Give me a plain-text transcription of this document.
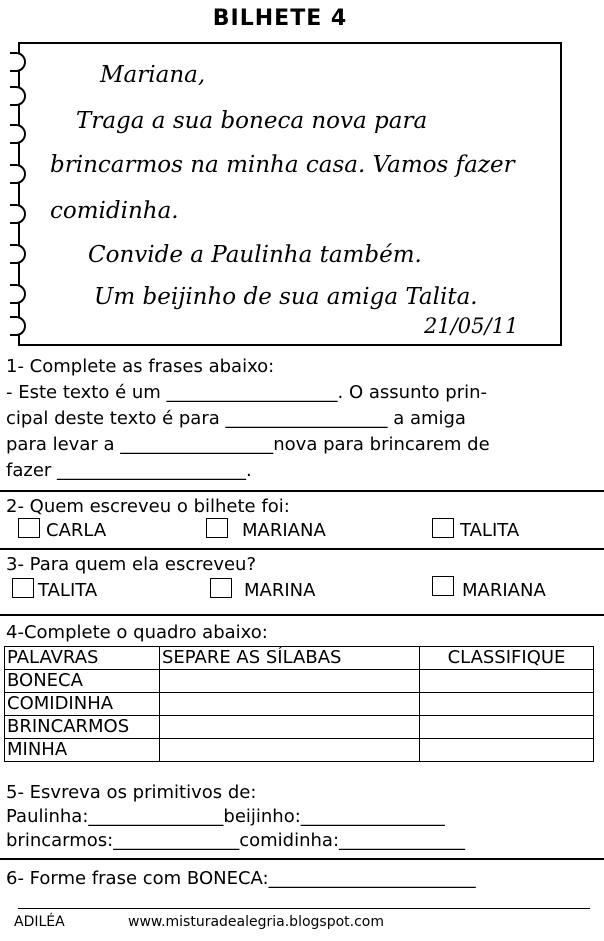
BILHETE 4
Mariana,
Traga a sua boneca nova para
brincarmos na minha casa. Vamos fazer
comidinha.
Convide a Paulinha também.
Um beijinho de sua amiga Talita.
21/05/11
1- Complete as frases abaixo:
- Este texto é um ___________________. O assunto prin-
cipal deste texto é para __________________ a amiga
para levar a _________________nova para brincarem de
fazer _____________________.
2- Quem escreveu o bilhete foi:
CARLA	MARIANA	TALITA
3- Para quem ela escreveu?
TALITA	MARINA	MARIANA
4-Complete o quadro abaixo:
PALAVRAS	SEPARE AS SÍLABAS	CLASSIFIQUE
BONECA		
COMIDINHA		
BRINCARMOS		
MINHA		
5- Esvreva os primitivos de:
Paulinha:_______________beijinho:________________
brincarmos:______________comidinha:______________
6- Forme frase com BONECA:_______________________
ADILÉA	www.misturadealegria.blogspot.com
